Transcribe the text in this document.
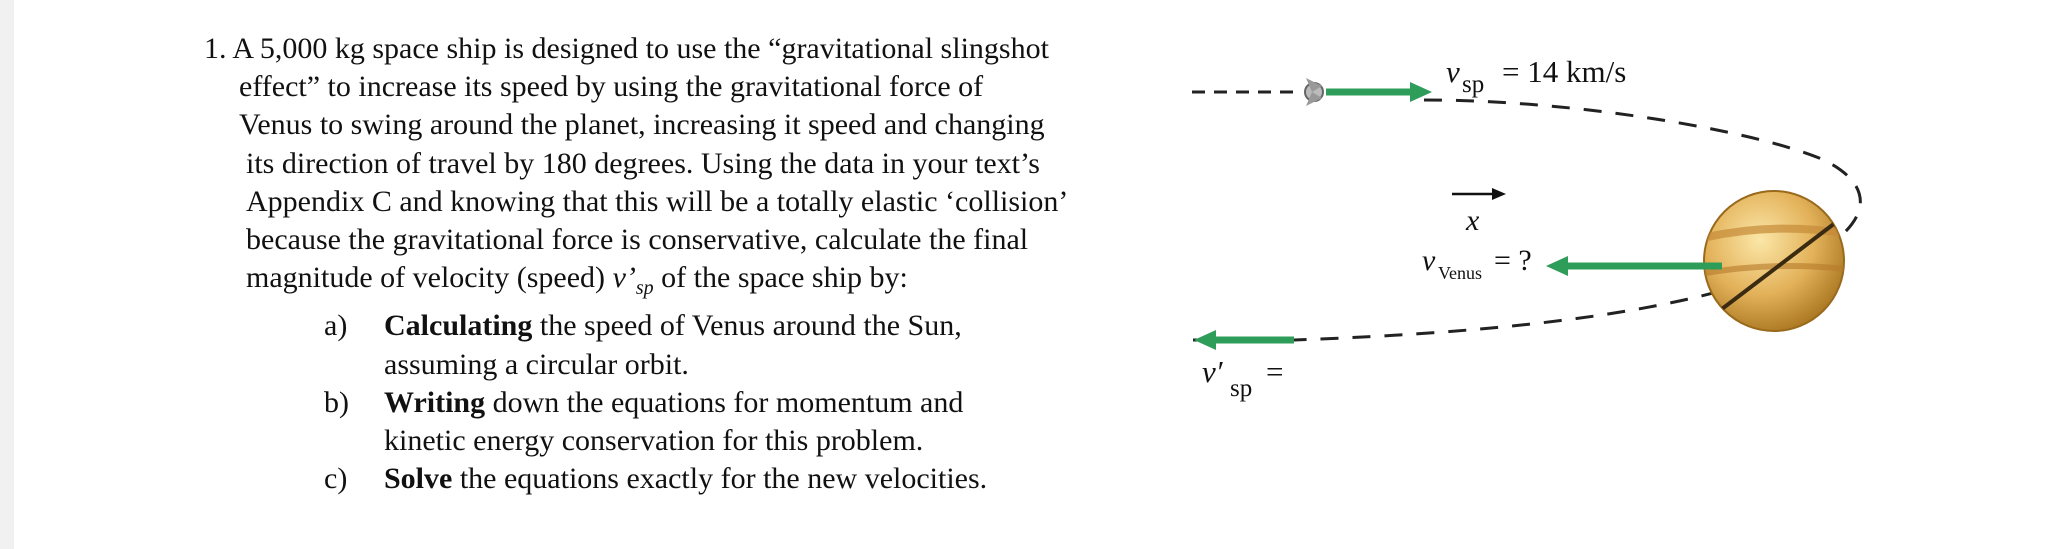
1. A 5,000 kg space ship is designed to use the “gravitational slingshot
effect” to increase its speed by using the gravitational force of
Venus to swing around the planet, increasing it speed and changing
its direction of travel by 180 degrees. Using the data in your text’s
Appendix C and knowing that this will be a totally elastic ‘collision’
because the gravitational force is conservative, calculate the final
magnitude of velocity (speed) $v’_{sp}$ of the space ship by:
a) Calculating the speed of Venus around the Sun,
assuming a circular orbit.
b) Writing down the equations for momentum and
kinetic energy conservation for this problem.
c) Solve the equations exactly for the new velocities.
v sp = 14 km/s
x
v Venus = ?
v′ sp =
